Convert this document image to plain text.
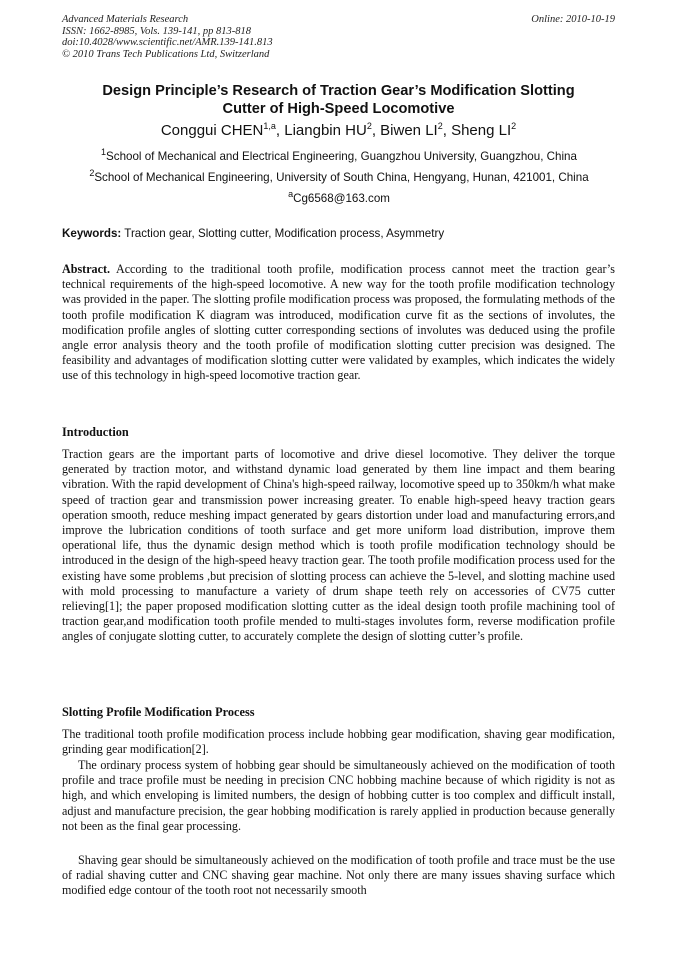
Advanced Materials Research
ISSN: 1662-8985, Vols. 139-141, pp 813-818
doi:10.4028/www.scientific.net/AMR.139-141.813
© 2010 Trans Tech Publications Ltd, Switzerland
Online: 2010-10-19
Design Principle’s Research of Traction Gear’s Modification Slotting
Cutter of High-Speed Locomotive
Conggui CHEN$^{1,a}$, Liangbin $HU^2$, Biwen $LI^2$, Sheng $LI^2$
$^1$School of Mechanical and Electrical Engineering, Guangzhou University, Guangzhou, China
$^2$School of Mechanical Engineering, University of South China, Hengyang, Hunan, 421001, China
$^a$Cg6568@163.com
Keywords: Traction gear, Slotting cutter, Modification process, Asymmetry
Abstract. According to the traditional tooth profile, modification process cannot meet the traction gear’s technical requirements of the high-speed locomotive. A new way for the tooth profile modification technology was provided in the paper. The slotting profile modification process was proposed, the formulating methods of the tooth profile modification K diagram was introduced, modification curve fit as the sections of involutes, the modification profile angles of slotting cutter corresponding sections of involutes was deduced using the profile angle error analysis theory and the tooth profile of modification slotting cutter precision was designed. The feasibility and advantages of modification slotting cutter were validated by examples, which indicates the widely use of this technology in high-speed locomotive traction gear.
Introduction
Traction gears are the important parts of locomotive and drive diesel locomotive. They deliver the torque generated by traction motor, and withstand dynamic load generated by them line impact and them bearing vibration. With the rapid development of China's high-speed railway, locomotive speed up to 350km/h what make speed of traction gear and transmission power increasing greater. To enable high-speed heavy traction gears operation smooth, reduce meshing impact generated by gears distortion under load and manufacturing errors,and improve the lubrication conditions of tooth surface and get more uniform load distribution, improve them operational life, thus the dynamic design method which is tooth profile modification technology should be introduced in the design of the high-speed heavy traction gear. The tooth profile modification process used for the existing have some problems ,but precision of slotting process can achieve the 5-level, and slotting machine used with mold processing to manufacture a variety of drum shape teeth rely on accessories of CV75 cutter relieving[1]; the paper proposed modification slotting cutter as the ideal design tooth profile machining tool of traction gear,and modification tooth profile mended to multi-stages involutes form, reverse modification profile angles of conjugate slotting cutter, to accurately complete the design of slotting cutter’s profile.
Slotting Profile Modification Process
The traditional tooth profile modification process include hobbing gear modification, shaving gear modification, grinding gear modification[2].
The ordinary process system of hobbing gear should be simultaneously achieved on the modification of tooth profile and trace profile must be needing in precision CNC hobbing machine because of which rigidity is not as high, and which enveloping is limited numbers, the design of hobbing cutter is too complex and difficult install, adjust and manufacture precision, the gear hobbing modification is rarely applied in production because generally not been as the final gear processing.
Shaving gear should be simultaneously achieved on the modification of tooth profile and trace must be the use of radial shaving cutter and CNC shaving gear machine. Not only there are many issues shaving surface which modified edge contour of the tooth root not necessarily smooth
